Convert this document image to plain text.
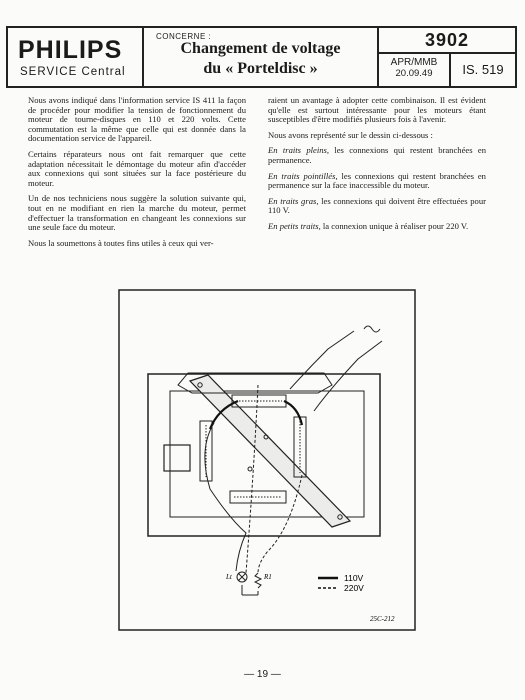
PHILIPS
SERVICE Central
CONCERNE :
Changement de voltage
du « Porteldisc »
3902
APR/MMB
20.09.49	IS. 519

Nous avons indiqué dans l'information service IS 411 la façon de procéder pour modifier la tension de fonctionnement du moteur de tourne-disques en 110 et 220 volts. Cette commutation est la même que celle qui est donnée dans la documentation service de l'appareil.

Certains réparateurs nous ont fait remarquer que cette adaptation nécessitait le démontage du moteur afin d'accéder aux connexions qui sont situées sur la face postérieure du moteur.

Un de nos techniciens nous suggère la solution suivante qui, tout en ne modifiant en rien la marche du moteur, permet d'effectuer la transformation en changeant les connexions sur une seule face du moteur.

Nous la soumettons à toutes fins utiles à ceux qui ver-

raient un avantage à adopter cette combinaison. Il est évident qu'elle est surtout intéressante pour les moteurs étant susceptibles d'être modifiés plusieurs fois à l'avenir.

Nous avons représenté sur le dessin ci-dessous :

En traits pleins, les connexions qui restent branchées en permanence.

En traits pointillés, les connexions qui restent branchées en permanence sur la face inaccessible du moteur.

En traits gras, les connexions qui doivent être effectuées pour 110 V.

En petits traits, la connexion unique à réaliser pour 220 V.

Lt	R1	110V
220V
25C-212
— 19 —
